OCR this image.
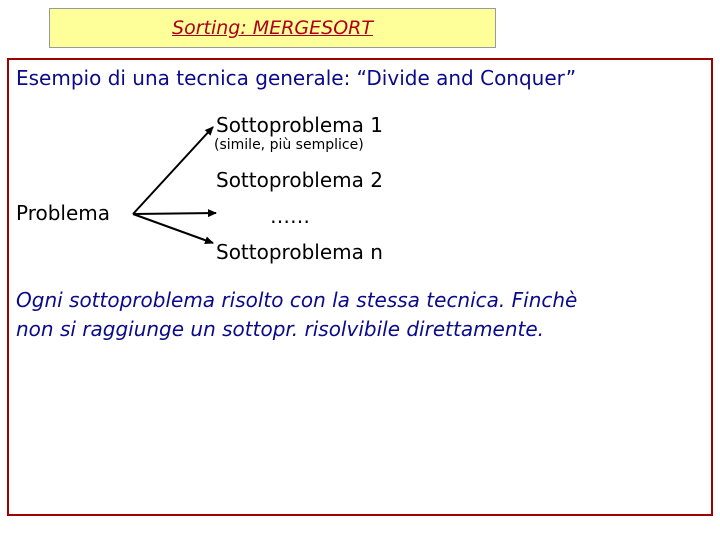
Sorting: MERGESORT
Esempio di una tecnica generale: “Divide and Conquer”
Problema
Sottoproblema 1
(simile, più semplice)
Sottoproblema 2
……
Sottoproblema n
Ogni sottoproblema risolto con la stessa tecnica. Finchè
non si raggiunge un sottopr. risolvibile direttamente.
